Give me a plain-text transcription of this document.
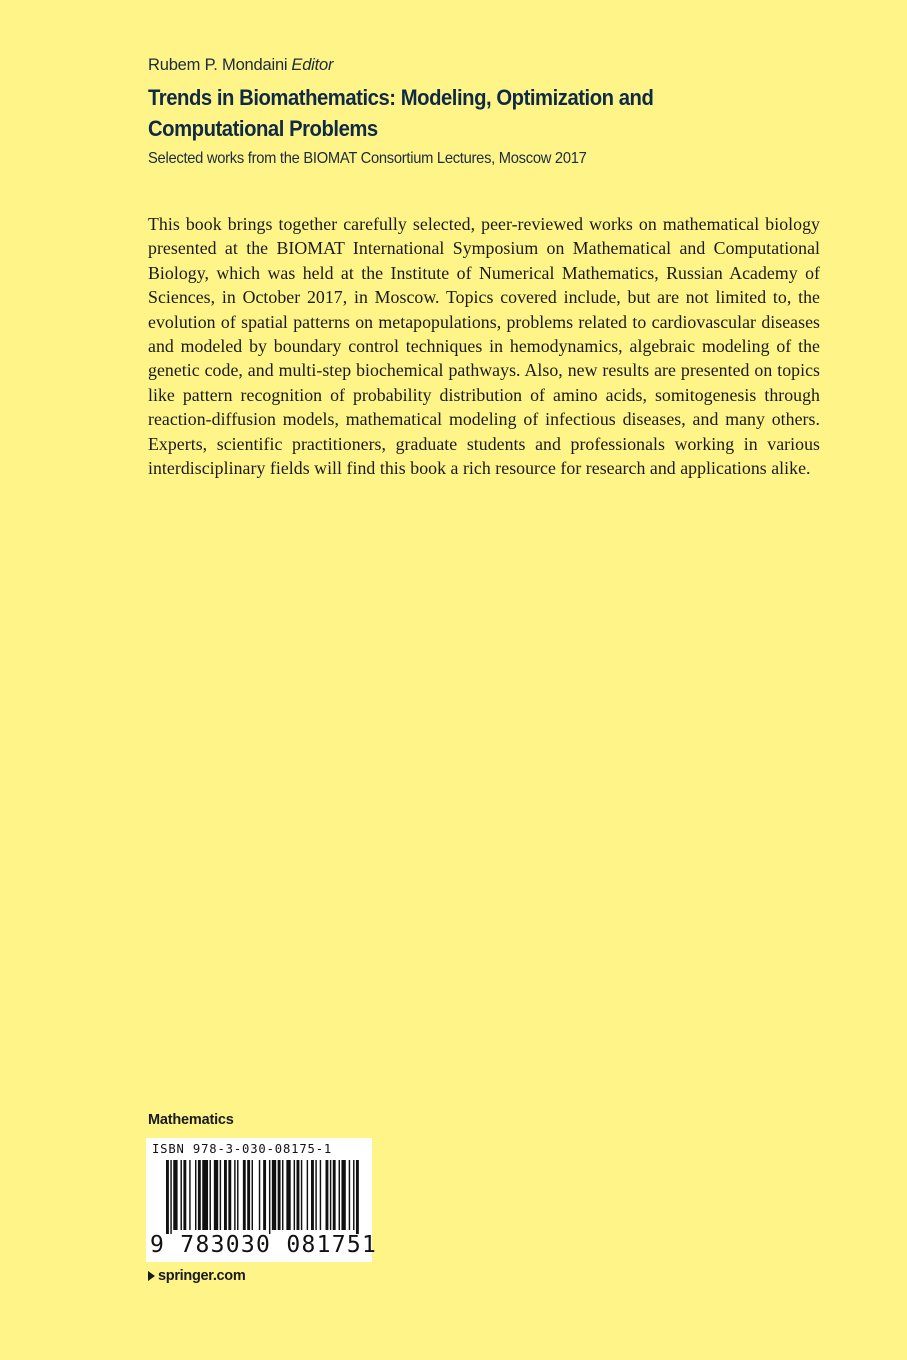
Rubem P. Mondaini Editor
Trends in Biomathematics: Modeling, Optimization and Computational Problems
Selected works from the BIOMAT Consortium Lectures, Moscow 2017

This book brings together carefully selected, peer-reviewed works on mathematical biology presented at the BIOMAT International Symposium on Mathematical and Computational Biology, which was held at the Institute of Numerical Mathematics, Russian Academy of Sciences, in October 2017, in Moscow. Topics covered include, but are not limited to, the evolution of spatial patterns on metapopulations, problems related to cardiovascular diseases and modeled by boundary control techniques in hemodynamics, algebraic modeling of the genetic code, and multi-step biochemical pathways. Also, new results are presented on topics like pattern recognition of probability distribution of amino acids, somitogenesis through reaction-diffusion models, mathematical modeling of infectious diseases, and many others. Experts, scientific practitioners, graduate students and professionals working in various interdisciplinary fields will find this book a rich resource for research and applications alike.

Mathematics
ISBN 978-3-030-08175-1
9 783030 081751
springer.com
